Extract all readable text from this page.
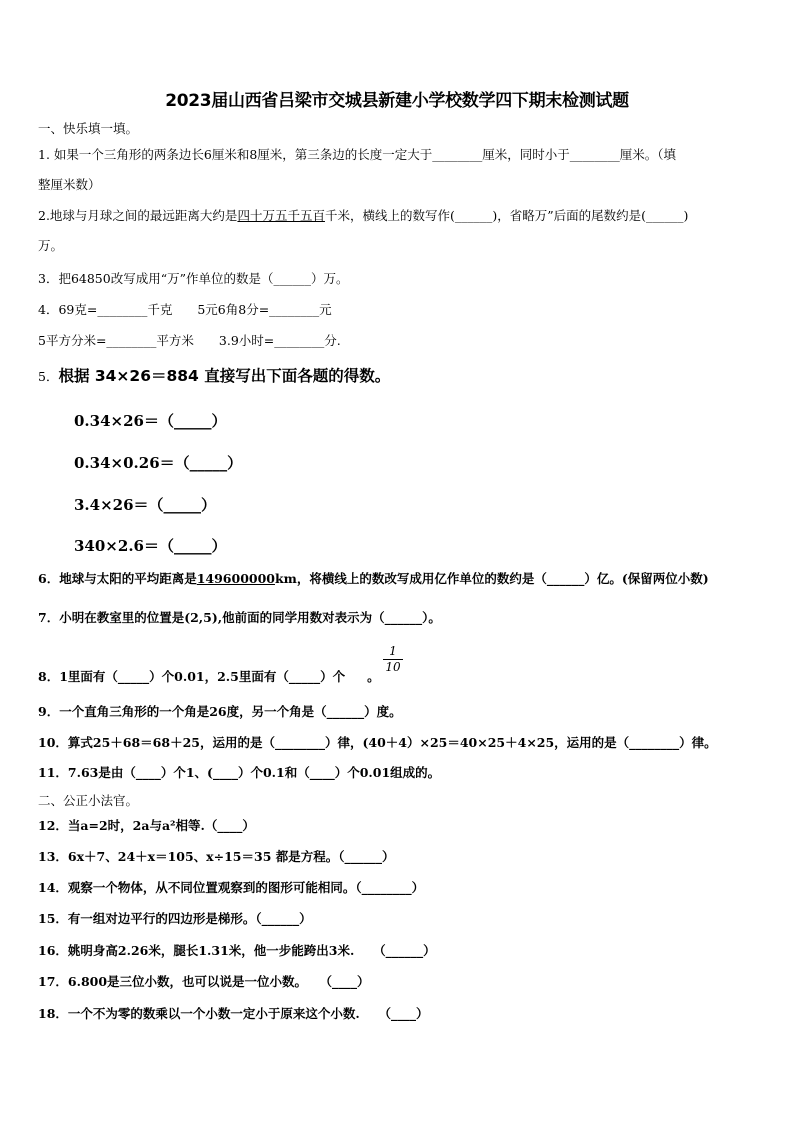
2023届山西省吕梁市交城县新建小学校数学四下期末检测试题
一、快乐填一填。
1. 如果一个三角形的两条边长6厘米和8厘米，第三条边的长度一定大于________厘米，同时小于________厘米。（填
整厘米数）
2.地球与月球之间的最远距离大约是四十万五千五百千米，横线上的数写作(______)，省略万”后面的尾数约是(______)
万。
3．把64850改写成用“万”作单位的数是（______）万。
4．69克=________千克　　5元6角8分=________元
5平方分米=________平方米　　3.9小时=________分.
5．根据 34×26＝884 直接写出下面各题的得数。
0.34×26＝（_____）
0.34×0.26＝（_____）
3.4×26＝（_____）
340×2.6＝（_____）
6．地球与太阳的平均距离是149600000km，将横线上的数改写成用亿作单位的数约是（______）亿。(保留两位小数)
7．小明在教室里的位置是(2,5),他前面的同学用数对表示为（______）。
$\frac{1}{10}$
8．1里面有（_____）个0.01，2.5里面有（_____）个 。
9．一个直角三角形的一个角是26度，另一个角是（______）度。
10．算式25＋68＝68＋25，运用的是（________）律，(40＋4）×25＝40×25＋4×25，运用的是（________）律。
11．7.63是由（____）个1、(____）个0.1和（____）个0.01组成的。
二、公正小法官。
12．当a=2时，2a与a²相等.（____）
13．6x＋7、24＋x＝105、x÷15＝35 都是方程。（______）
14．观察一个物体，从不同位置观察到的图形可能相同。（________）
15．有一组对边平行的四边形是梯形。（______）
16．姚明身高2.26米，腿长1.31米，他一步能跨出3米.　　（______）
17．6.800是三位小数，也可以说是一位小数。　　（____）
18．一个不为零的数乘以一个小数一定小于原来这个小数.　　（____）
